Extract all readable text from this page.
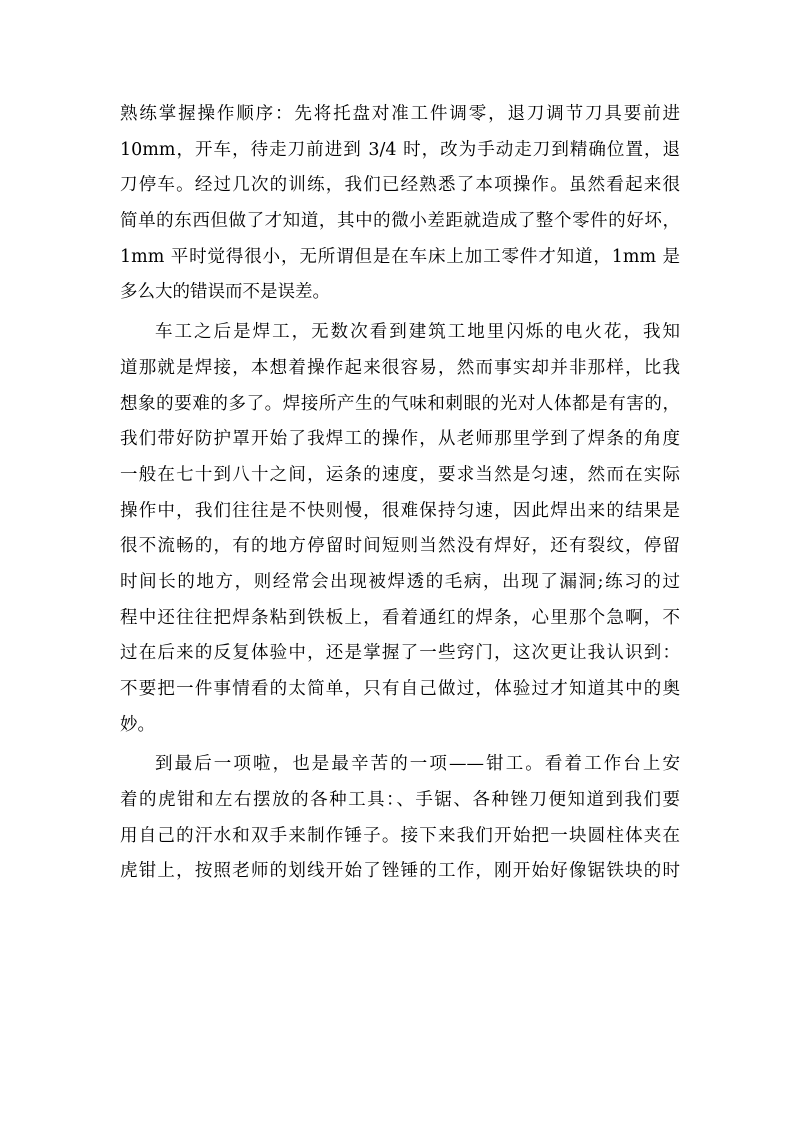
熟练掌握操作顺序：先将托盘对准工件调零，退刀调节刀具要前进
10mm，开车，待走刀前进到 3/4 时，改为手动走刀到精确位置，退
刀停车。经过几次的训练，我们已经熟悉了本项操作。虽然看起来很
简单的东西但做了才知道，其中的微小差距就造成了整个零件的好坏，
1mm 平时觉得很小，无所谓但是在车床上加工零件才知道，1mm 是
多么大的错误而不是误差。
车工之后是焊工，无数次看到建筑工地里闪烁的电火花，我知
道那就是焊接，本想着操作起来很容易，然而事实却并非那样，比我
想象的要难的多了。焊接所产生的气味和刺眼的光对人体都是有害的，
我们带好防护罩开始了我焊工的操作，从老师那里学到了焊条的角度
一般在七十到八十之间，运条的速度，要求当然是匀速，然而在实际
操作中，我们往往是不快则慢，很难保持匀速，因此焊出来的结果是
很不流畅的，有的地方停留时间短则当然没有焊好，还有裂纹，停留
时间长的地方，则经常会出现被焊透的毛病，出现了漏洞;练习的过
程中还往往把焊条粘到铁板上，看着通红的焊条，心里那个急啊，不
过在后来的反复体验中，还是掌握了一些窍门，这次更让我认识到：
不要把一件事情看的太简单，只有自己做过，体验过才知道其中的奥
妙。
到最后一项啦，也是最辛苦的一项——钳工。看着工作台上安
着的虎钳和左右摆放的各种工具：、手锯、各种锉刀便知道到我们要
用自己的汗水和双手来制作锤子。接下来我们开始把一块圆柱体夹在
虎钳上，按照老师的划线开始了锉锤的工作，刚开始好像锯铁块的时
